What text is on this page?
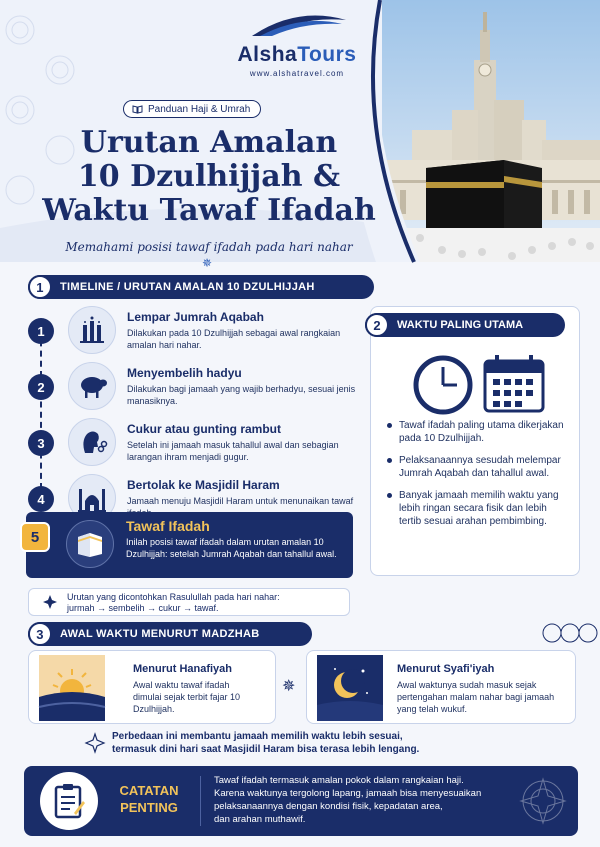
AlshaTours
www.alshatravel.com
Panduan Haji & Umrah
Urutan Amalan
10 Dzulhijjah &
Waktu Tawaf Ifadah
Memahami posisi tawaf ifadah pada hari nahar
✵
1	TIMELINE / URUTAN AMALAN 10 DZULHIJJAH
1
Lempar Jumrah Aqabah
Dilakukan pada 10 Dzulhijjah sebagai awal rangkaian amalan hari nahar.
2
Menyembelih hadyu
Dilakukan bagi jamaah yang wajib berhadyu, sesuai jenis manasiknya.
3
Cukur atau gunting rambut
Setelah ini jamaah masuk tahallul awal dan sebagian larangan ihram menjadi gugur.
4
Bertolak ke Masjidil Haram
Jamaah menuju Masjidil Haram untuk menunaikan tawaf
5
Tawaf Ifadah
Inilah posisi tawaf ifadah dalam urutan amalan 10 Dzulhijjah: setelah Jumrah Aqabah dan tahallul awal.
Urutan yang dicontohkan Rasulullah pada hari nahar:
jurmah → sembelih → cukur → tawaf.
2	WAKTU PALING UTAMA
Tawaf ifadah paling utama dikerjakan pada 10 Dzulhijjah.
Pelaksanaannya sesudah melempar Jumrah Aqabah dan tahallul awal.
Banyak jamaah memilih waktu yang lebih ringan secara fisik dan lebih tertib sesuai arahan pembimbing.
3	AWAL WAKTU MENURUT MADZHAB
Menurut Hanafiyah
Awal waktu tawaf ifadah dimulai sejak terbit fajar 10 Dzulhijjah.
✵
Menurut Syafi'iyah
Awal waktunya sudah masuk sejak pertengahan malam nahar bagi jamaah yang telah wukuf.
Perbedaan ini membantu jamaah memilih waktu lebih sesuai,
termasuk dini hari saat Masjidil Haram bisa terasa lebih lengang.
CATATAN
PENTING
Tawaf ifadah termasuk amalan pokok dalam rangkaian haji.
Karena waktunya tergolong lapang, jamaah bisa menyesuaikan
pelaksanaannya dengan kondisi fisik, kepadatan area,
dan arahan muthawif.
